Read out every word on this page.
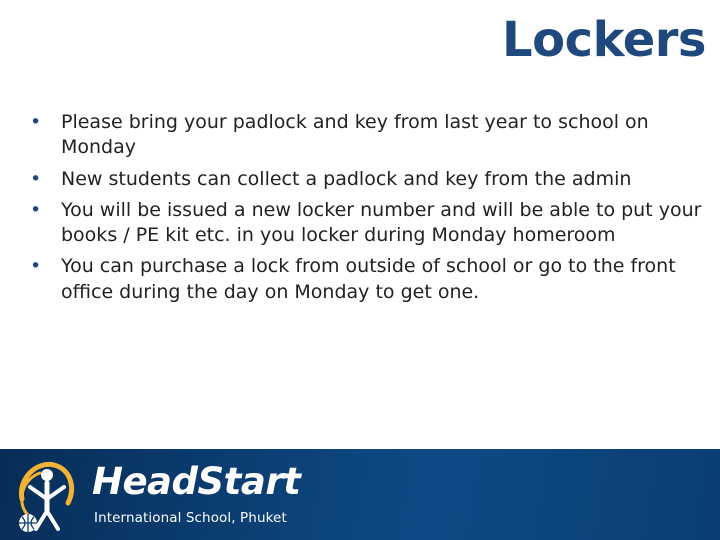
Lockers
• Please bring your padlock and key from last year to school on Monday
• New students can collect a padlock and key from the admin
• You will be issued a new locker number and will be able to put your books / PE kit etc. in you locker during Monday homeroom
• You can purchase a lock from outside of school or go to the front office during the day on Monday to get one.
HeadStart
International School, Phuket
